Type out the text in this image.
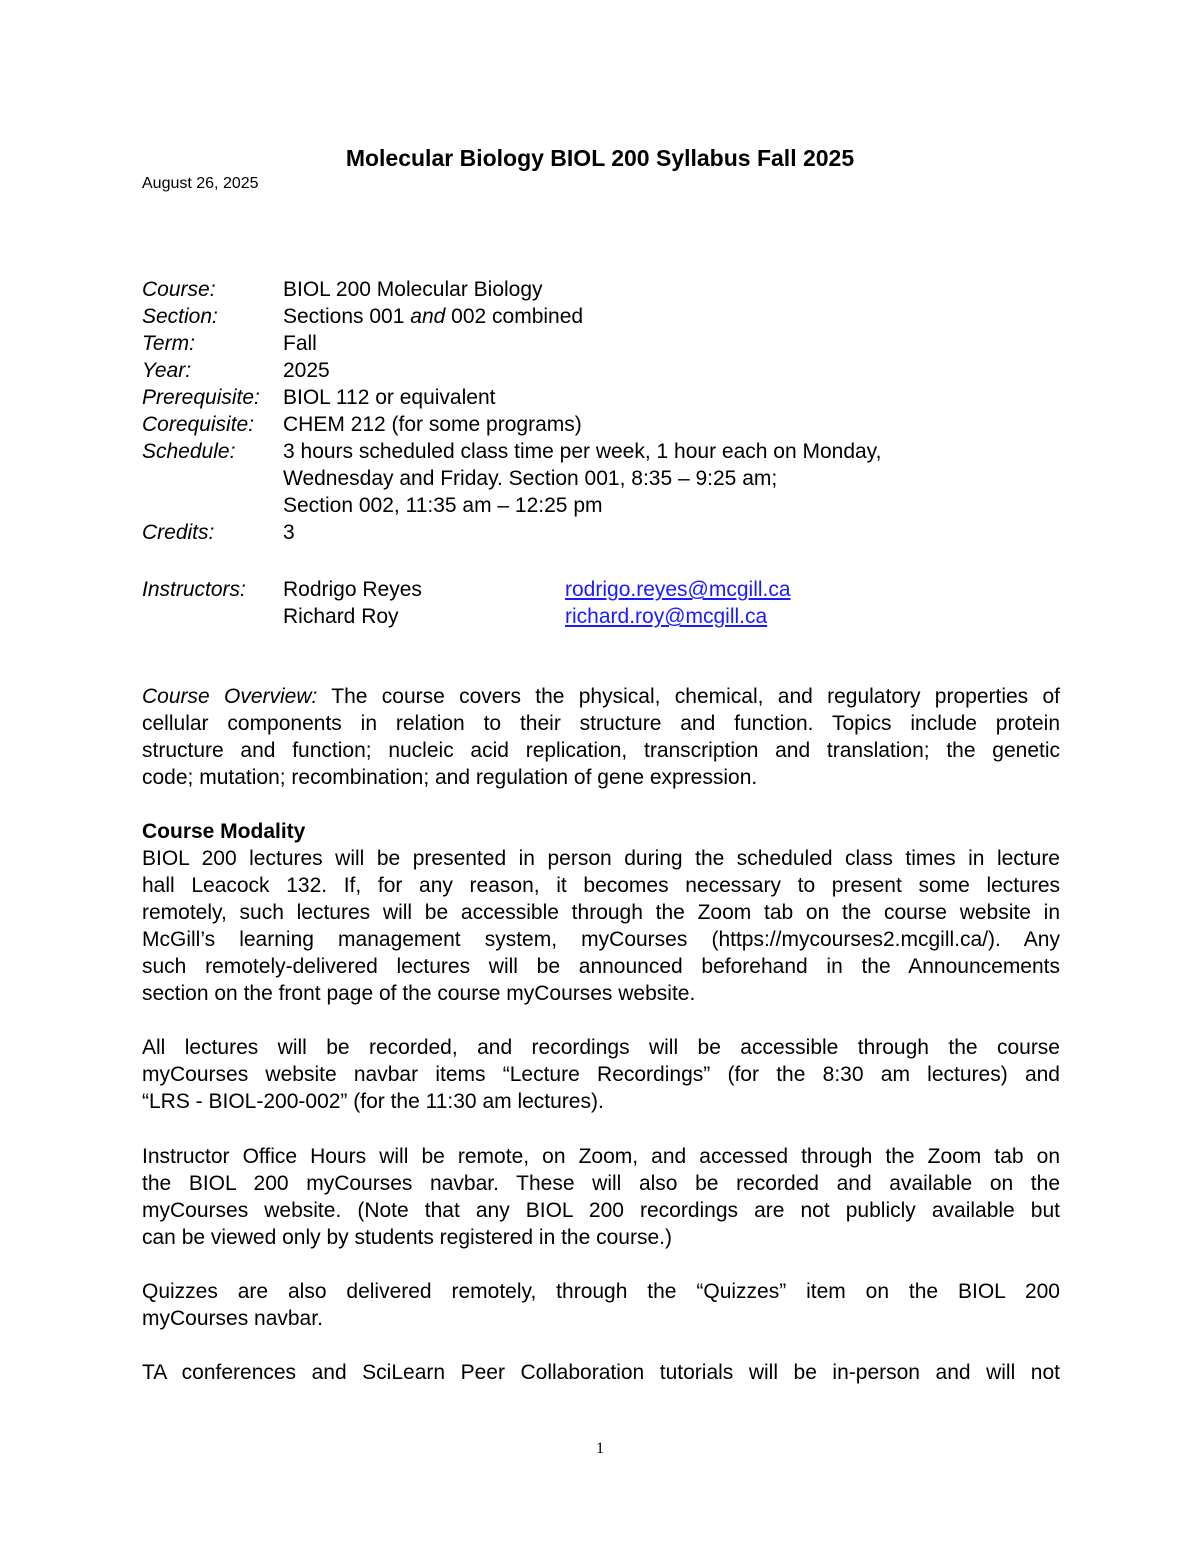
Molecular Biology BIOL 200 Syllabus Fall 2025
August 26, 2025
Course:	BIOL 200 Molecular Biology
Section:	Sections 001 and 002 combined
Term:	Fall
Year:	2025
Prerequisite:	BIOL 112 or equivalent
Corequisite:	CHEM 212 (for some programs)
Schedule:	3 hours scheduled class time per week, 1 hour each on Monday,
Wednesday and Friday. Section 001, 8:35 – 9:25 am;
Section 002, 11:35 am – 12:25 pm
Credits:	3
Instructors:	Rodrigo Reyes	rodrigo.reyes@mcgill.ca
Richard Roy	richard.roy@mcgill.ca
Course Overview: The course covers the physical, chemical, and regulatory properties of
cellular components in relation to their structure and function. Topics include protein
structure and function; nucleic acid replication, transcription and translation; the genetic
code; mutation; recombination; and regulation of gene expression.
Course Modality
BIOL 200 lectures will be presented in person during the scheduled class times in lecture
hall Leacock 132. If, for any reason, it becomes necessary to present some lectures
remotely, such lectures will be accessible through the Zoom tab on the course website in
McGill’s learning management system, myCourses (https://mycourses2.mcgill.ca/). Any
such remotely-delivered lectures will be announced beforehand in the Announcements
section on the front page of the course myCourses website.
All lectures will be recorded, and recordings will be accessible through the course
myCourses website navbar items “Lecture Recordings” (for the 8:30 am lectures) and
“LRS - BIOL-200-002” (for the 11:30 am lectures).
Instructor Office Hours will be remote, on Zoom, and accessed through the Zoom tab on
the BIOL 200 myCourses navbar. These will also be recorded and available on the
myCourses website. (Note that any BIOL 200 recordings are not publicly available but
can be viewed only by students registered in the course.)
Quizzes are also delivered remotely, through the “Quizzes” item on the BIOL 200
myCourses navbar.
TA conferences and SciLearn Peer Collaboration tutorials will be in-person and will not
1
